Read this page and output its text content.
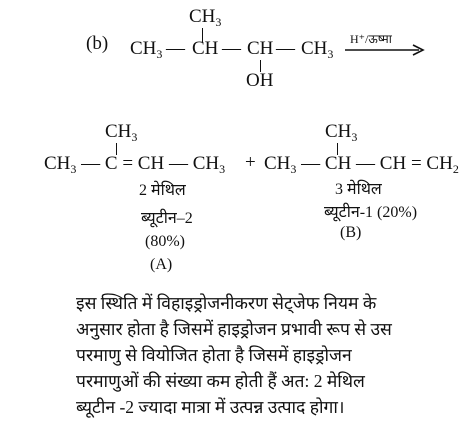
(b)
$CH_3$
$CH_3$ — CH — CH — $CH_3$
OH
H⁺/ऊष्मा
$CH_3$
$CH_3$ — C = CH — $CH_3$
2 मेथिल
ब्यूटीन–2
(80%)
(A)
+
$CH_3$
$CH_3$ — CH — CH = $CH_2$
3 मेथिल
ब्यूटीन-1 (20%)
(B)
इस स्थिति में विहाइड्रोजनीकरण सेट्जेफ नियम के
अनुसार होता है जिसमें हाइड्रोजन प्रभावी रूप से उस
परमाणु से वियोजित होता है जिसमें हाइड्रोजन
परमाणुओं की संख्या कम होती हैं अत: 2 मेथिल
ब्यूटीन -2 ज्यादा मात्रा में उत्पन्न उत्पाद होगा।
